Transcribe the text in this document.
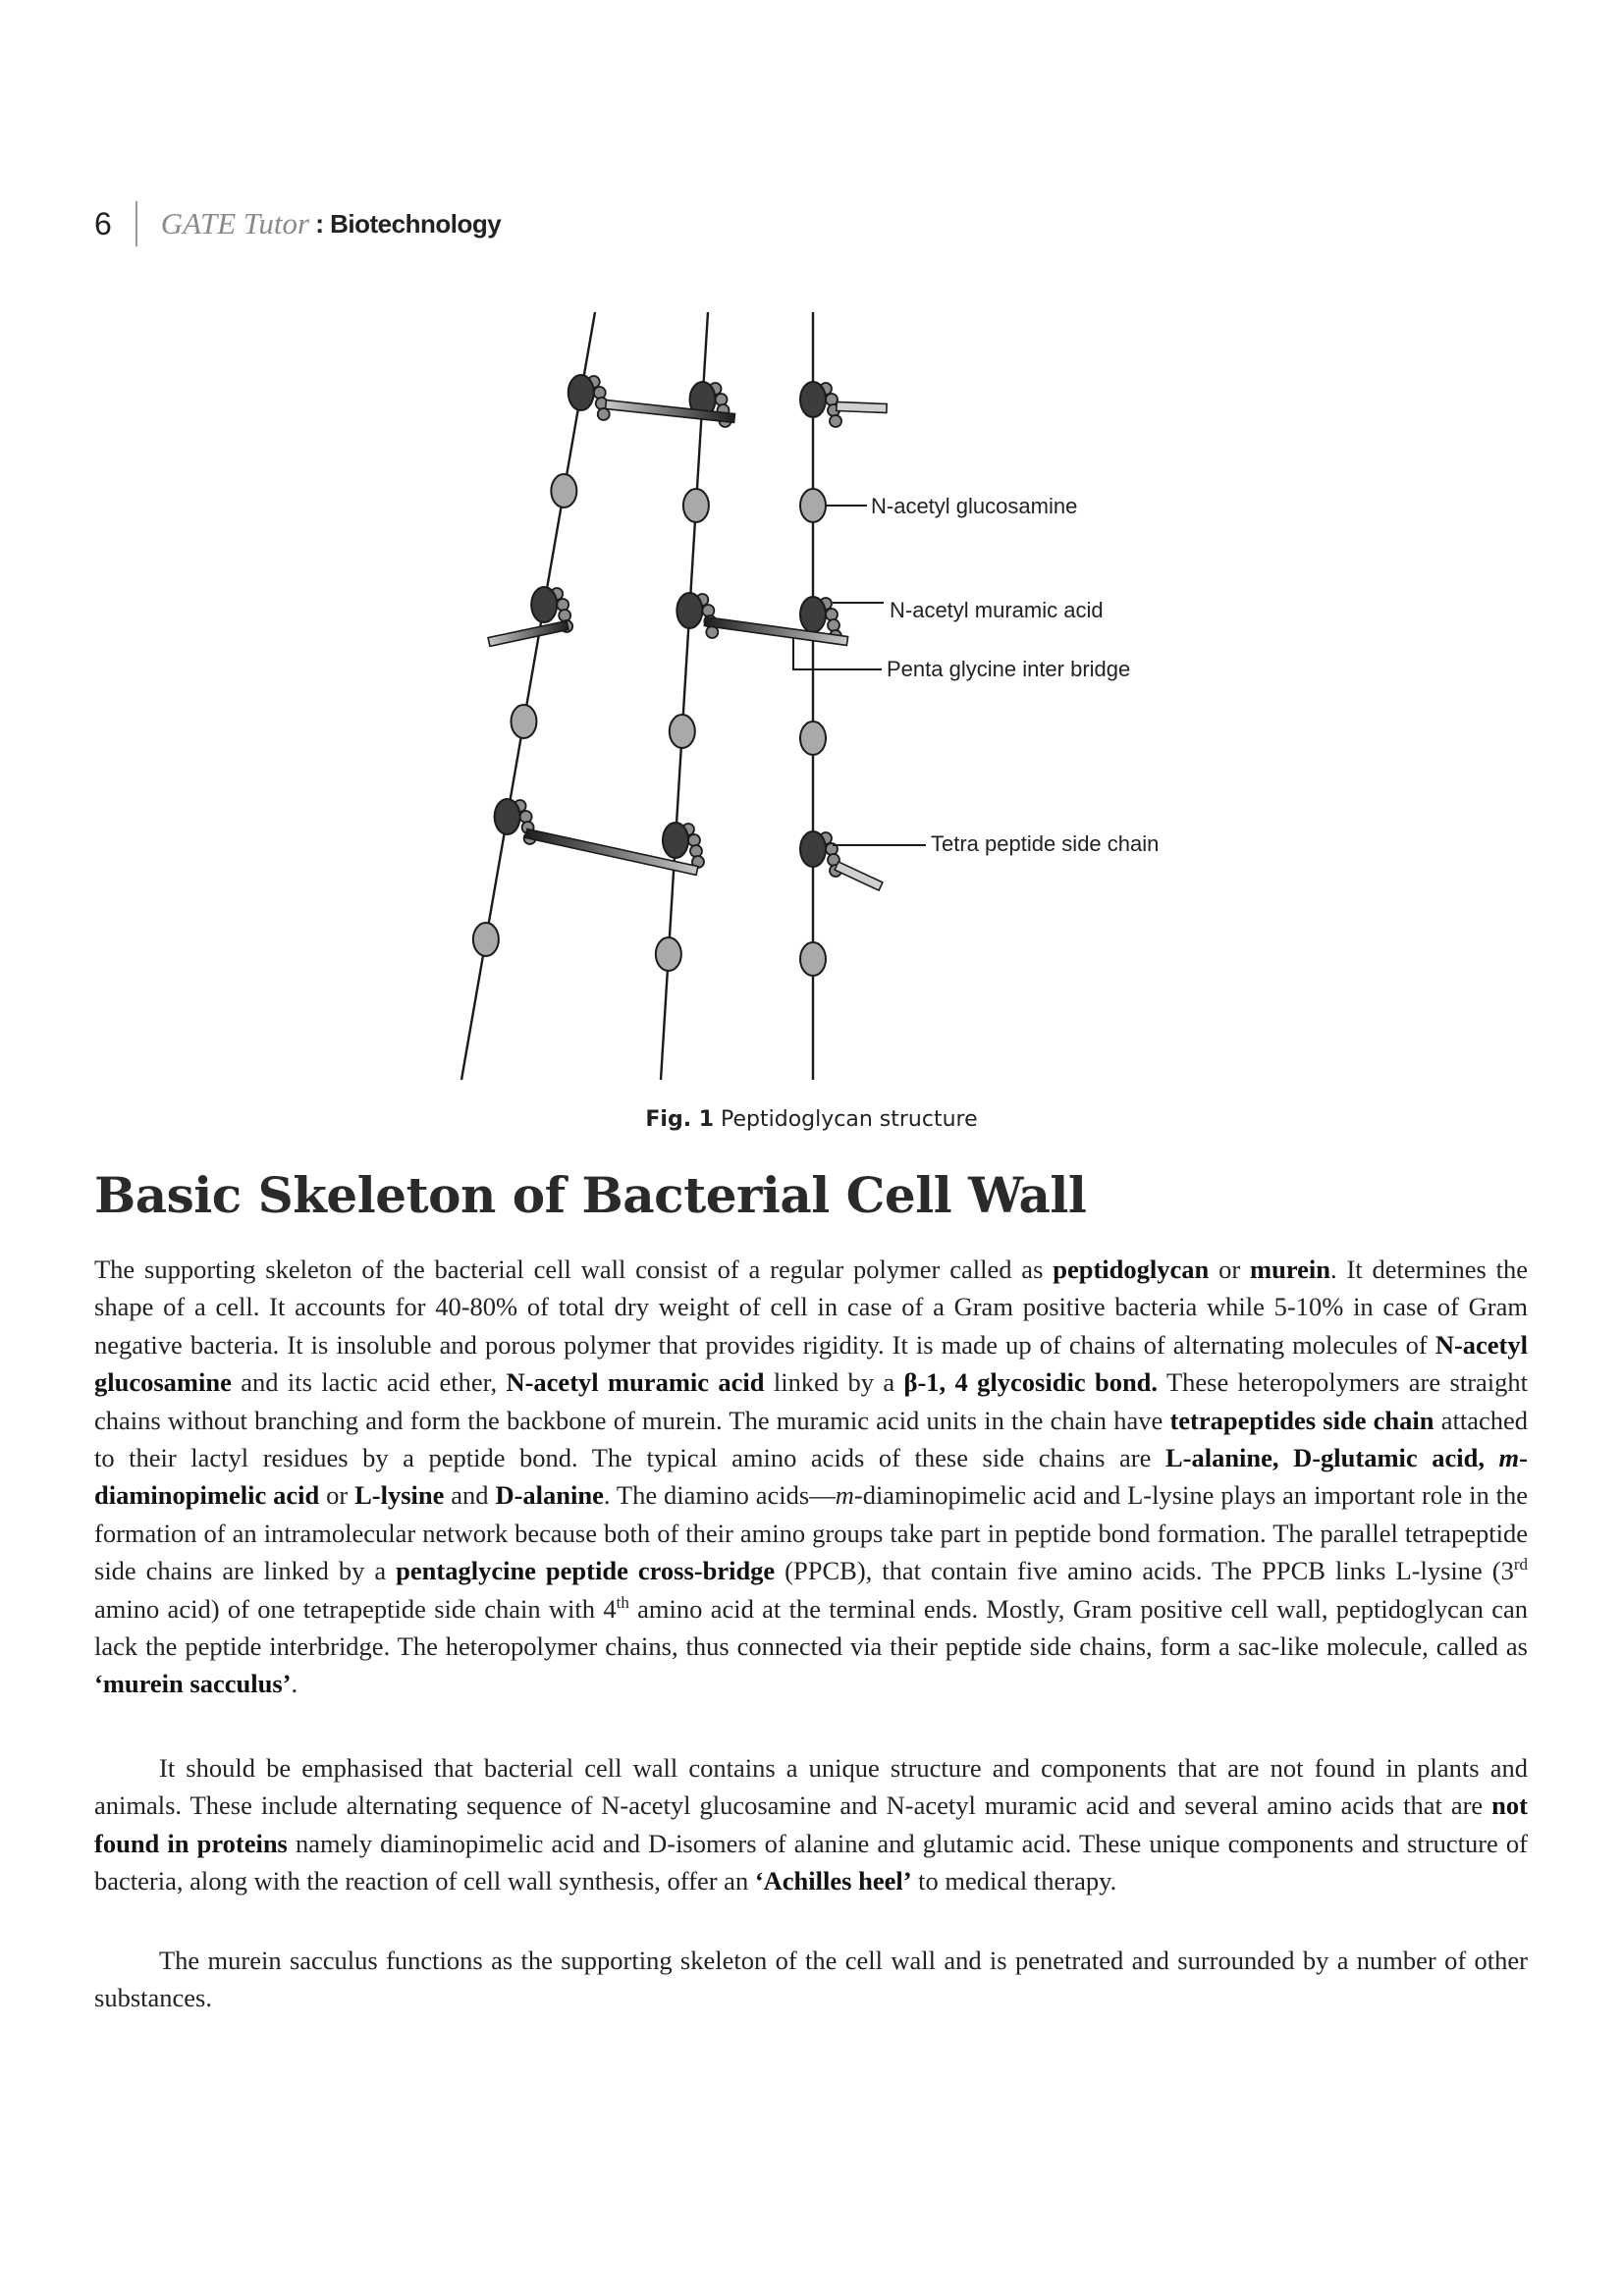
6	GATE Tutor : Biotechnology
N-acetyl glucosamine
N-acetyl muramic acid
Penta glycine inter bridge
Tetra peptide side chain
Fig. 1 Peptidoglycan structure
Basic Skeleton of Bacterial Cell Wall

The supporting skeleton of the bacterial cell wall consist of a regular polymer called as peptidoglycan or murein. It determines the shape of a cell. It accounts for 40-80% of total dry weight of cell in case of a Gram positive bacteria while 5-10% in case of Gram negative bacteria. It is insoluble and porous polymer that provides rigidity. It is made up of chains of alternating molecules of N-acetyl glucosamine and its lactic acid ether, N-acetyl muramic acid linked by a β-1, 4 glycosidic bond. These heteropolymers are straight chains without branching and form the backbone of murein. The muramic acid units in the chain have tetrapeptides side chain attached to their lactyl residues by a peptide bond. The typical amino acids of these side chains are L-alanine, D-glutamic acid, m-diaminopimelic acid or L-lysine and D-alanine. The diamino acids—m-diaminopimelic acid and L-lysine plays an important role in the formation of an intramolecular network because both of their amino groups take part in peptide bond formation. The parallel tetrapeptide side chains are linked by a pentaglycine peptide cross-bridge (PPCB), that contain five amino acids. The PPCB links L-lysine (3rd amino acid) of one tetrapeptide side chain with 4th amino acid at the terminal ends. Mostly, Gram positive cell wall, peptidoglycan can lack the peptide interbridge. The heteropolymer chains, thus connected via their peptide side chains, form a sac-like molecule, called as ‘murein sacculus’.

It should be emphasised that bacterial cell wall contains a unique structure and components that are not found in plants and animals. These include alternating sequence of N-acetyl glucosamine and N-acetyl muramic acid and several amino acids that are not found in proteins namely diaminopimelic acid and D-isomers of alanine and glutamic acid. These unique components and structure of bacteria, along with the reaction of cell wall synthesis, offer an ‘Achilles heel’ to medical therapy.

The murein sacculus functions as the supporting skeleton of the cell wall and is penetrated and surrounded by a number of other substances.
